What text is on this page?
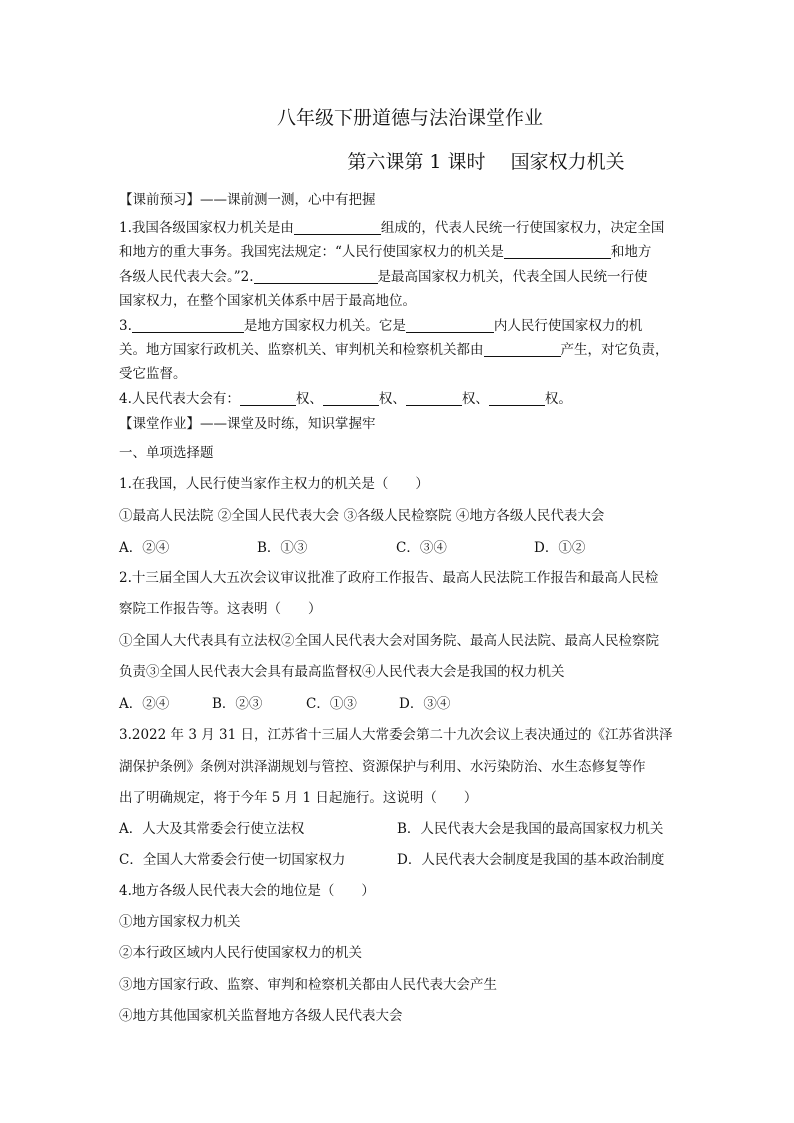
八年级下册道德与法治课堂作业
第六课第 1 课时　 国家权力机关
【课前预习】——课前测一测，心中有把握
1.我国各级国家权力机关是由	组成的，代表人民统一行使国家权力，决定全国
和地方的重大事务。我国宪法规定：“人民行使国家权力的机关是	和地方
各级人民代表大会。”2.	是最高国家权力机关，代表全国人民统一行使
国家权力，在整个国家机关体系中居于最高地位。
3.	是地方国家权力机关。它是	内人民行使国家权力的机
关。地方国家行政机关、监察机关、审判机关和检察机关都由	产生，对它负责，
受它监督。
4.人民代表大会有：	权、	权、	权、	权。
【课堂作业】——课堂及时练，知识掌握牢
一、单项选择题
1.在我国，人民行使当家作主权力的机关是（　　）
①最高人民法院 ②全国人民代表大会 ③各级人民检察院 ④地方各级人民代表大会
A．②④	B．①③	C．③④	D．①②
2.十三届全国人大五次会议审议批准了政府工作报告、最高人民法院工作报告和最高人民检
察院工作报告等。这表明（　　）
①全国人大代表具有立法权②全国人民代表大会对国务院、最高人民法院、最高人民检察院
负责③全国人民代表大会具有最高监督权④人民代表大会是我国的权力机关
A．②④	B．②③	C．①③	D．③④
3.2022 年 3 月 31 日，江苏省十三届人大常委会第二十九次会议上表决通过的《江苏省洪泽
湖保护条例》条例对洪泽湖规划与管控、资源保护与利用、水污染防治、水生态修复等作
出了明确规定，将于今年 5 月 1 日起施行。这说明（　　）
A．人大及其常委会行使立法权	B．人民代表大会是我国的最高国家权力机关
C．全国人大常委会行使一切国家权力	D．人民代表大会制度是我国的基本政治制度
4.地方各级人民代表大会的地位是（　　）
①地方国家权力机关
②本行政区域内人民行使国家权力的机关
③地方国家行政、监察、审判和检察机关都由人民代表大会产生
④地方其他国家机关监督地方各级人民代表大会
